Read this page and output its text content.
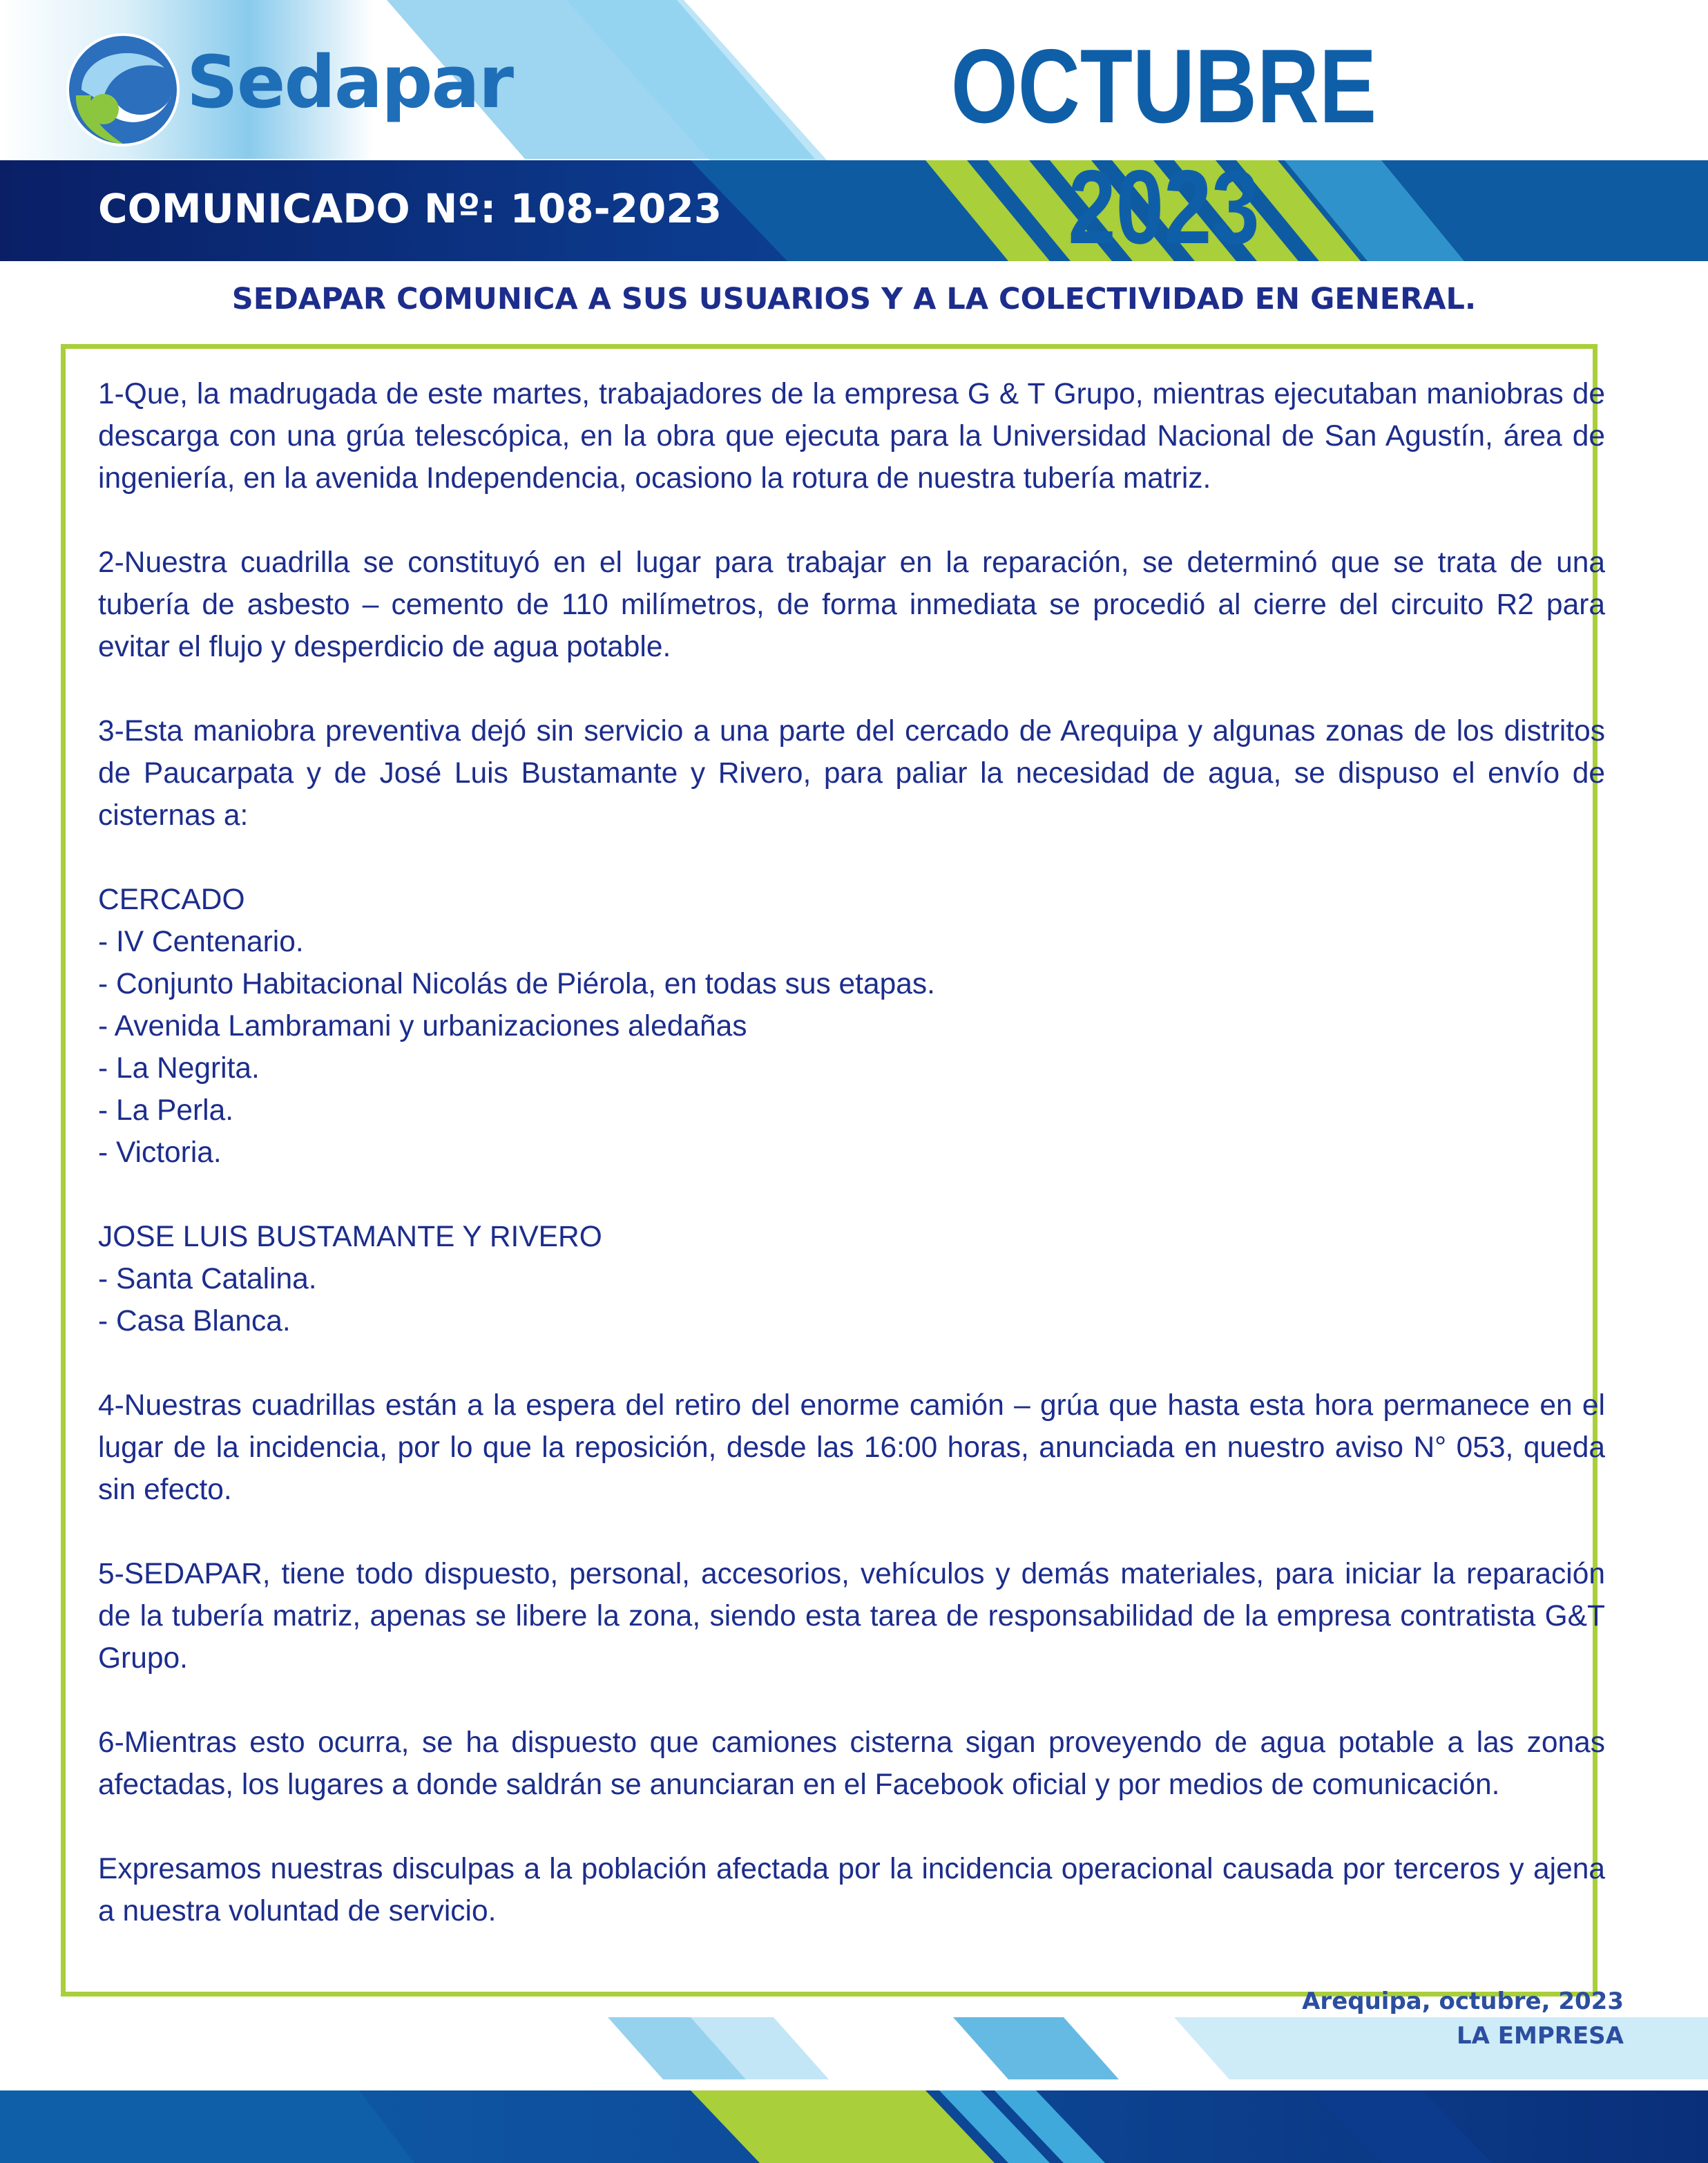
Sedapar	OCTUBRE 2023
COMUNICADO Nº: 108-2023
SEDAPAR COMUNICA A SUS USUARIOS Y A LA COLECTIVIDAD EN GENERAL.

1-Que, la madrugada de este martes, trabajadores de la empresa G & T Grupo, mientras ejecutaban maniobras de descarga con una grúa telescópica, en la obra que ejecuta para la Universidad Nacional de San Agustín, área de ingeniería, en la avenida Independencia, ocasiono la rotura de nuestra tubería matriz.

2-Nuestra cuadrilla se constituyó en el lugar para trabajar en la reparación, se determinó que se trata de una tubería de asbesto – cemento de 110 milímetros, de forma inmediata se procedió al cierre del circuito R2 para evitar el flujo y desperdicio de agua potable.

3-Esta maniobra preventiva dejó sin servicio a una parte del cercado de Arequipa y algunas zonas de los distritos de Paucarpata y de José Luis Bustamante y Rivero, para paliar la necesidad de agua, se dispuso el envío de cisternas a:

CERCADO
- IV Centenario.
- Conjunto Habitacional Nicolás de Piérola, en todas sus etapas.
- Avenida Lambramani y urbanizaciones aledañas
- La Negrita.
- La Perla.
- Victoria.
JOSE LUIS BUSTAMANTE Y RIVERO
- Santa Catalina.
- Casa Blanca.

4-Nuestras cuadrillas están a la espera del retiro del enorme camión – grúa que hasta esta hora permanece en el lugar de la incidencia, por lo que la reposición, desde las 16:00 horas, anunciada en nuestro aviso N° 053, queda sin efecto.

5-SEDAPAR, tiene todo dispuesto, personal, accesorios, vehículos y demás materiales, para iniciar la reparación de la tubería matriz, apenas se libere la zona, siendo esta tarea de responsabilidad de la empresa contratista G&T Grupo.

6-Mientras esto ocurra, se ha dispuesto que camiones cisterna sigan proveyendo de agua potable a las zonas afectadas, los lugares a donde saldrán se anunciaran en el Facebook oficial y por medios de comunicación.

Expresamos nuestras disculpas a la población afectada por la incidencia operacional causada por terceros y ajena a nuestra voluntad de servicio.

Arequipa, octubre, 2023
LA EMPRESA
